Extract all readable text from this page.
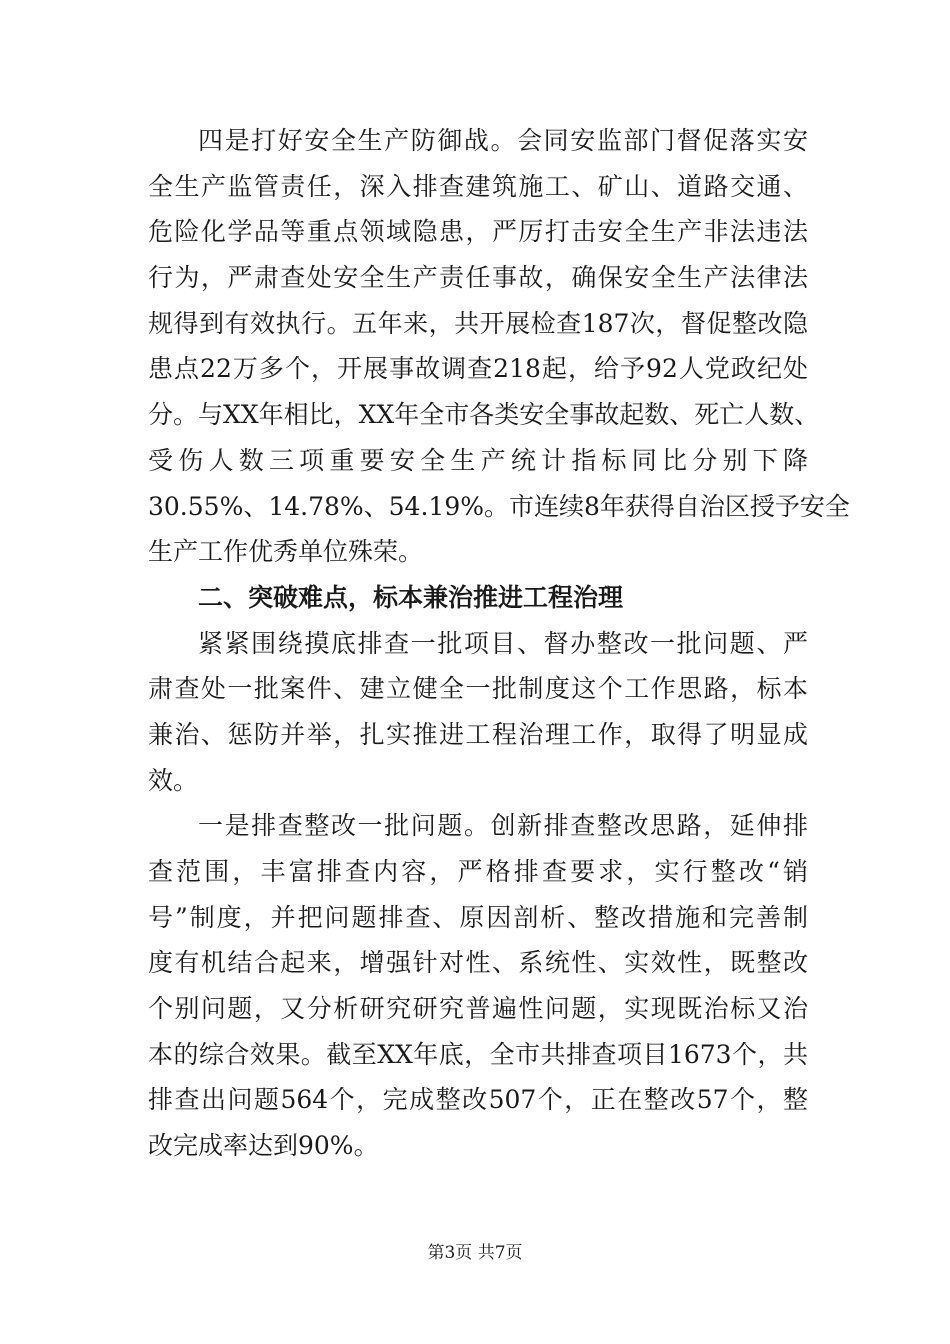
四是打好安全生产防御战。会同安监部门督促落实安
全生产监管责任，深入排查建筑施工、矿山、道路交通、
危险化学品等重点领域隐患，严厉打击安全生产非法违法
行为，严肃查处安全生产责任事故，确保安全生产法律法
规得到有效执行。五年来，共开展检查187次，督促整改隐
患点22万多个，开展事故调查218起，给予92人党政纪处
分。与XX年相比，XX年全市各类安全事故起数、死亡人数、
受伤人数三项重要安全生产统计指标同比分别下降
30.55%、14.78%、54.19%。市连续8年获得自治区授予安全
生产工作优秀单位殊荣。
二、突破难点，标本兼治推进工程治理
紧紧围绕摸底排查一批项目、督办整改一批问题、严
肃查处一批案件、建立健全一批制度这个工作思路，标本
兼治、惩防并举，扎实推进工程治理工作，取得了明显成
效。
一是排查整改一批问题。创新排查整改思路，延伸排
查范围，丰富排查内容，严格排查要求，实行整改“销
号”制度，并把问题排查、原因剖析、整改措施和完善制
度有机结合起来，增强针对性、系统性、实效性，既整改
个别问题，又分析研究研究普遍性问题，实现既治标又治
本的综合效果。截至XX年底，全市共排查项目1673个，共
排查出问题564个，完成整改507个，正在整改57个，整
改完成率达到90%。
第3页 共7页
